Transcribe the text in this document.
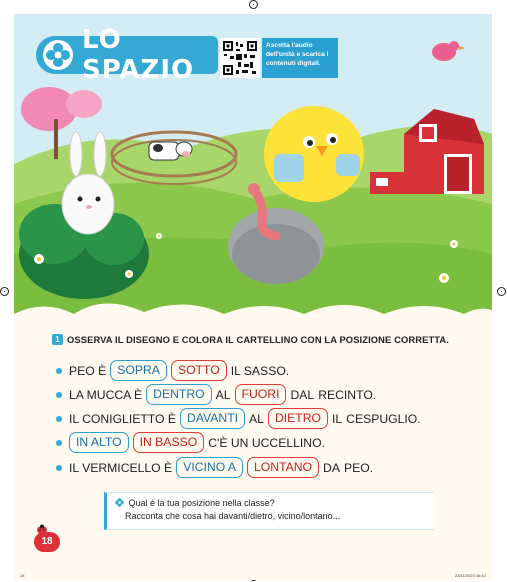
LO SPAZIO
Ascolta l'audio dell'unità e scarica i contenuti digitali.
1 OSSERVA IL DISEGNO E COLORA IL CARTELLINO CON LA POSIZIONE CORRETTA.
PEO È SOPRA	SOTTO IL SASSO.
LA MUCCA È DENTRO AL FUORI DAL RECINTO.
IL CONIGLIETTO È DAVANTI AL DIETRO IL CESPUGLIO.
IN ALTO	IN BASSO C'È UN UCCELLINO.
IL VERMICELLO È VICINO A	LONTANO DA PEO.
Qual è la tua posizione nella classe?
Racconta che cosa hai davanti/dietro, vicino/lontano...
18
18	23/11/2023 16:42
